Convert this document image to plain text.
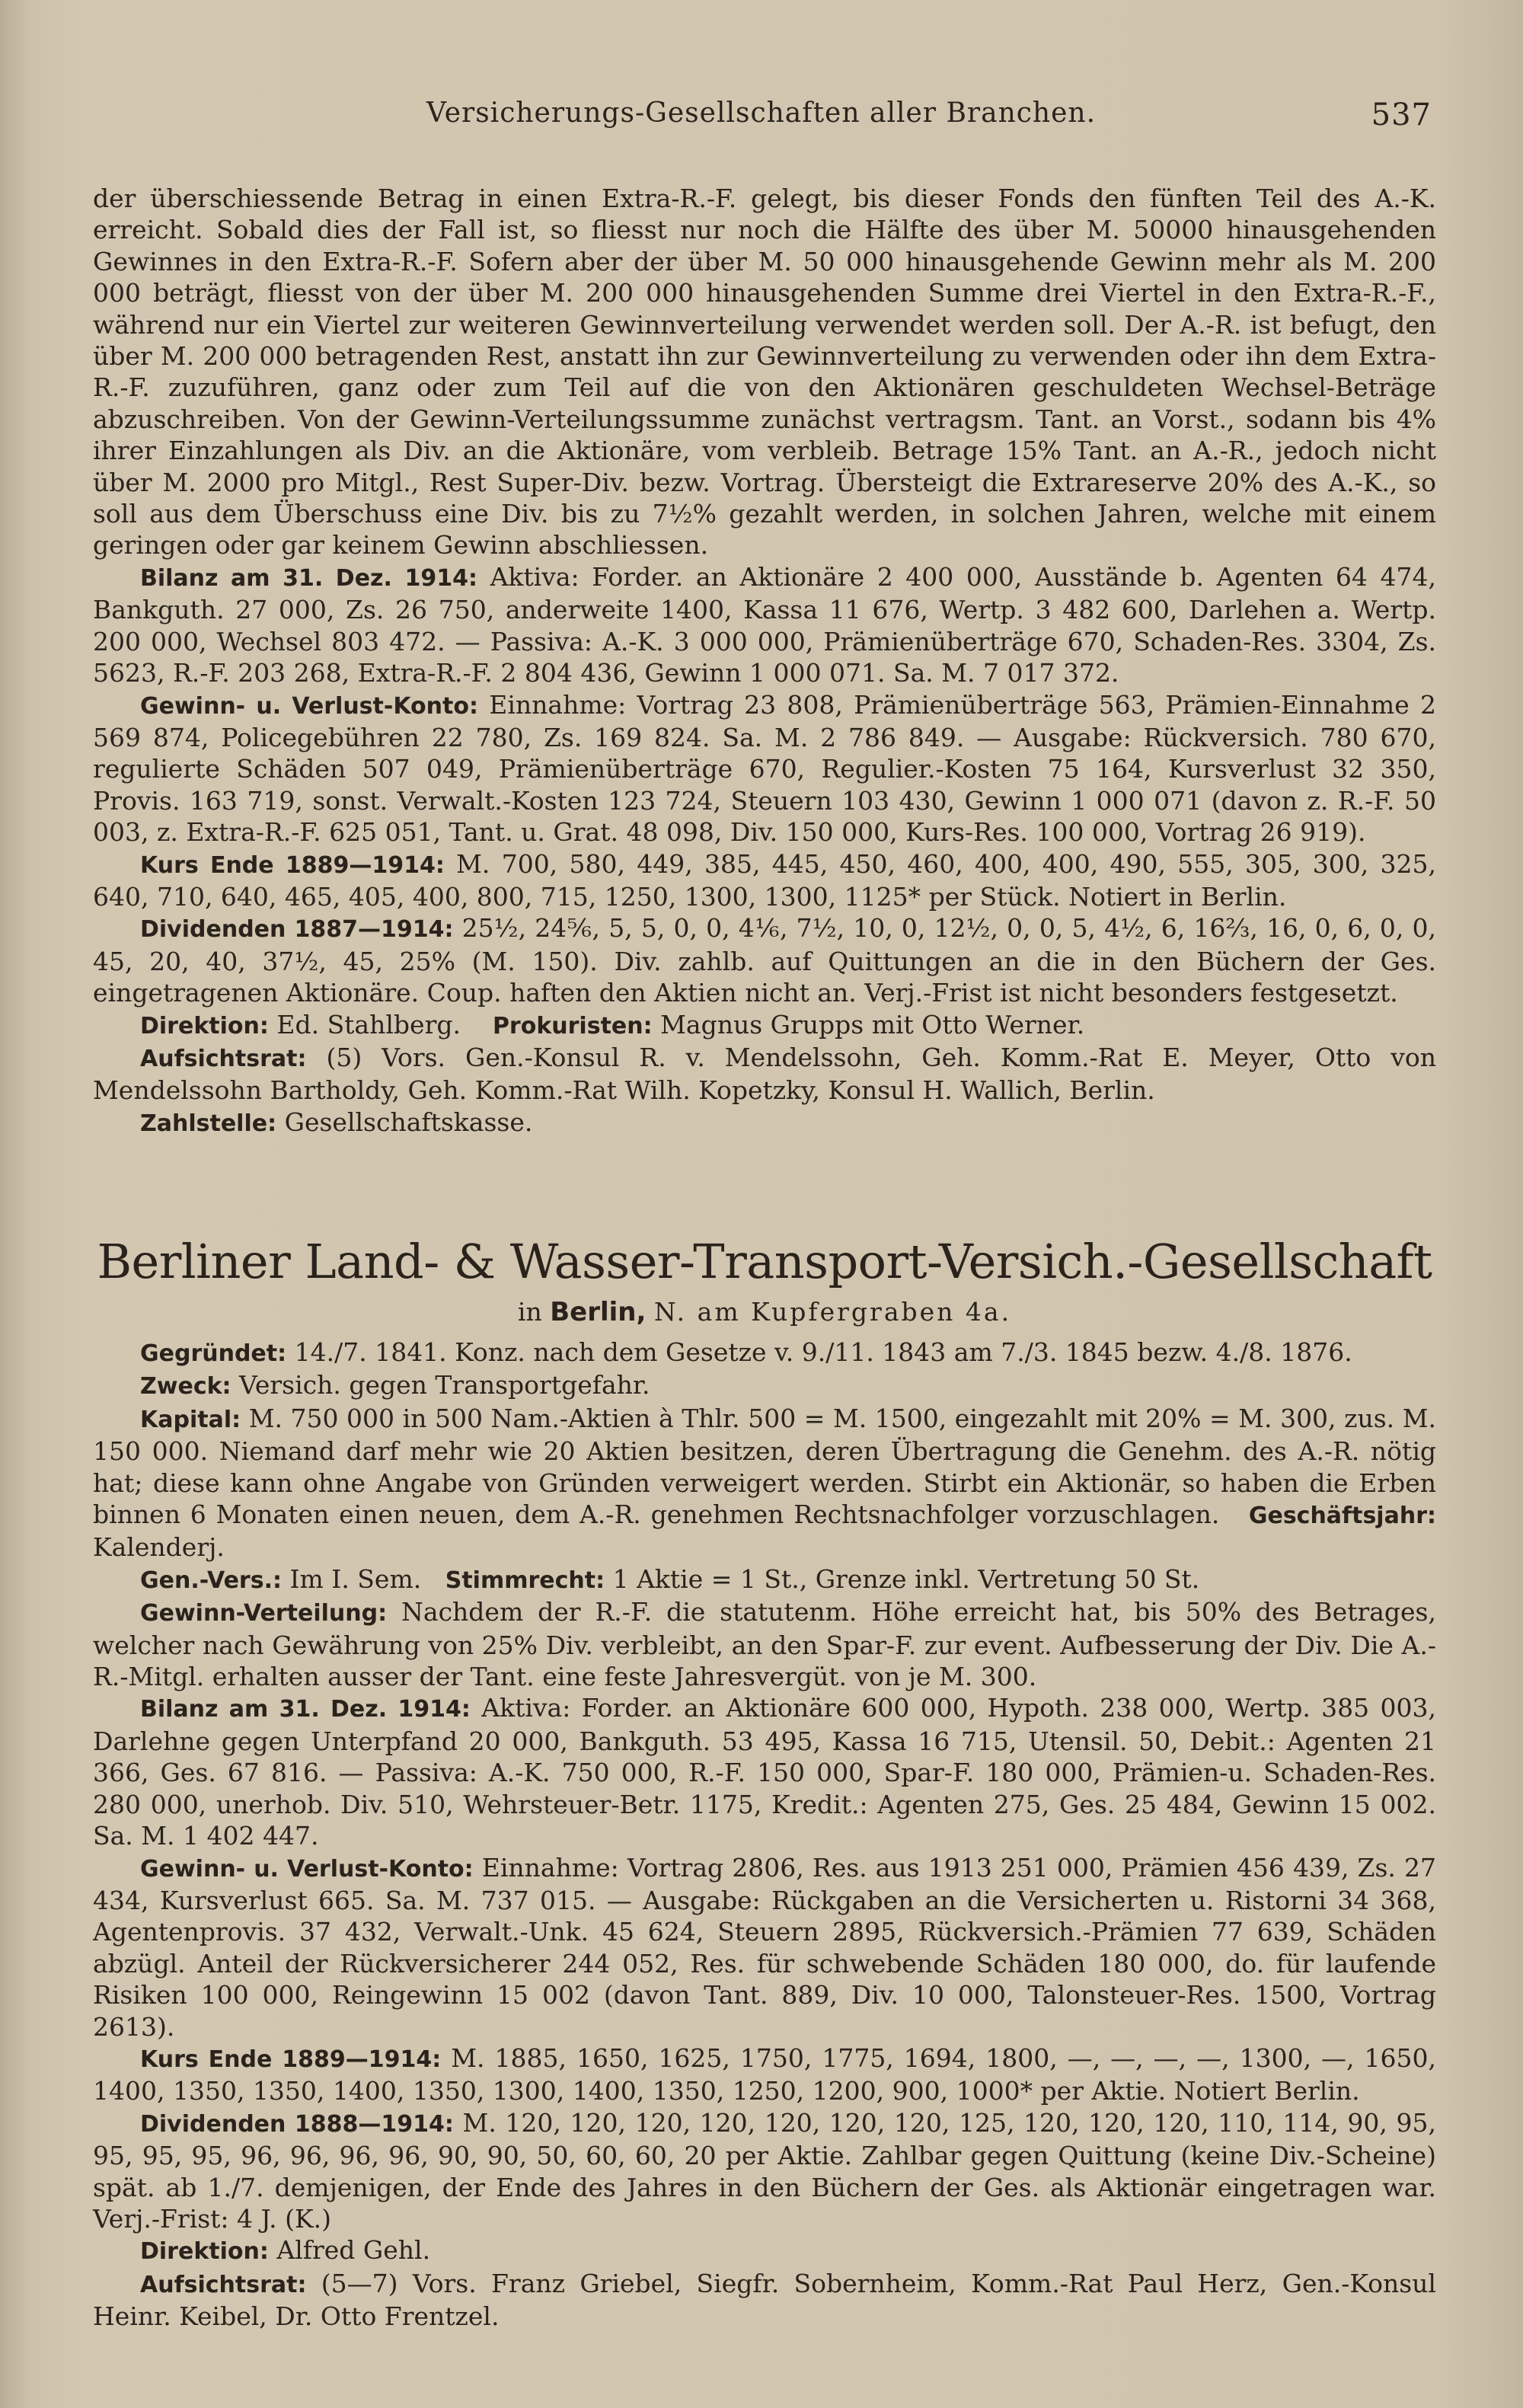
Versicherungs-Gesellschaften aller Branchen.	537

der überschiessende Betrag in einen Extra-R.-F. gelegt, bis dieser Fonds den fünften Teil des A.-K. erreicht. Sobald dies der Fall ist, so fliesst nur noch die Hälfte des über M. 50000 hinausgehenden Gewinnes in den Extra-R.-F. Sofern aber der über M. 50 000 hinausgehende Gewinn mehr als M. 200 000 beträgt, fliesst von der über M. 200 000 hinausgehenden Summe drei Viertel in den Extra-R.-F., während nur ein Viertel zur weiteren Gewinnverteilung verwendet werden soll. Der A.-R. ist befugt, den über M. 200 000 betragenden Rest, anstatt ihn zur Gewinnverteilung zu verwenden oder ihn dem Extra-R.-F. zuzuführen, ganz oder zum Teil auf die von den Aktionären geschuldeten Wechsel-Beträge abzuschreiben. Von der Gewinn-Verteilungssumme zunächst vertragsm. Tant. an Vorst., sodann bis 4% ihrer Einzahlungen als Div. an die Aktionäre, vom verbleib. Betrage 15% Tant. an A.-R., jedoch nicht über M. 2000 pro Mitgl., Rest Super-Div. bezw. Vortrag. Übersteigt die Extrareserve 20% des A.-K., so soll aus dem Überschuss eine Div. bis zu 7½% gezahlt werden, in solchen Jahren, welche mit einem geringen oder gar keinem Gewinn abschliessen.

Bilanz am 31. Dez. 1914: Aktiva: Forder. an Aktionäre 2 400 000, Ausstände b. Agenten 64 474, Bankguth. 27 000, Zs. 26 750, anderweite 1400, Kassa 11 676, Wertp. 3 482 600, Darlehen a. Wertp. 200 000, Wechsel 803 472. — Passiva: A.-K. 3 000 000, Prämienüberträge 670, Schaden-Res. 3304, Zs. 5623, R.-F. 203 268, Extra-R.-F. 2 804 436, Gewinn 1 000 071. Sa. M. 7 017 372.

Gewinn- u. Verlust-Konto: Einnahme: Vortrag 23 808, Prämienüberträge 563, Prämien-Einnahme 2 569 874, Policegebühren 22 780, Zs. 169 824. Sa. M. 2 786 849. — Ausgabe: Rückversich. 780 670, regulierte Schäden 507 049, Prämienüberträge 670, Regulier.-Kosten 75 164, Kursverlust 32 350, Provis. 163 719, sonst. Verwalt.-Kosten 123 724, Steuern 103 430, Gewinn 1 000 071 (davon z. R.-F. 50 003, z. Extra-R.-F. 625 051, Tant. u. Grat. 48 098, Div. 150 000, Kurs-Res. 100 000, Vortrag 26 919).

Kurs Ende 1889—1914: M. 700, 580, 449, 385, 445, 450, 460, 400, 400, 490, 555, 305, 300, 325, 640, 710, 640, 465, 405, 400, 800, 715, 1250, 1300, 1300, 1125* per Stück. Notiert in Berlin.

Dividenden 1887—1914: 25½, 24⅚, 5, 5, 0, 0, 4⅙, 7½, 10, 0, 12½, 0, 0, 5, 4½, 6, 16⅔, 16, 0, 6, 0, 0, 45, 20, 40, 37½, 45, 25% (M. 150). Div. zahlb. auf Quittungen an die in den Büchern der Ges. eingetragenen Aktionäre. Coup. haften den Aktien nicht an. Verj.-Frist ist nicht besonders festgesetzt.

Direktion: Ed. Stahlberg. Prokuristen: Magnus Grupps mit Otto Werner.

Aufsichtsrat: (5) Vors. Gen.-Konsul R. v. Mendelssohn, Geh. Komm.-Rat E. Meyer, Otto von Mendelssohn Bartholdy, Geh. Komm.-Rat Wilh. Kopetzky, Konsul H. Wallich, Berlin.

Zahlstelle: Gesellschaftskasse.

Berliner Land- & Wasser-Transport-Versich.-Gesellschaft
in Berlin, N. am Kupfergraben 4a.

Gegründet: 14./7. 1841. Konz. nach dem Gesetze v. 9./11. 1843 am 7./3. 1845 bezw. 4./8. 1876.

Zweck: Versich. gegen Transportgefahr.

Kapital: M. 750 000 in 500 Nam.-Aktien à Thlr. 500 = M. 1500, eingezahlt mit 20% = M. 300, zus. M. 150 000. Niemand darf mehr wie 20 Aktien besitzen, deren Übertragung die Genehm. des A.-R. nötig hat; diese kann ohne Angabe von Gründen verweigert werden. Stirbt ein Aktionär, so haben die Erben binnen 6 Monaten einen neuen, dem A.-R. genehmen Rechtsnachfolger vorzuschlagen. Geschäftsjahr: Kalenderj.

Gen.-Vers.: Im I. Sem. Stimmrecht: 1 Aktie = 1 St., Grenze inkl. Vertretung 50 St.

Gewinn-Verteilung: Nachdem der R.-F. die statutenm. Höhe erreicht hat, bis 50% des Betrages, welcher nach Gewährung von 25% Div. verbleibt, an den Spar-F. zur event. Aufbesserung der Div. Die A.-R.-Mitgl. erhalten ausser der Tant. eine feste Jahresvergüt. von je M. 300.

Bilanz am 31. Dez. 1914: Aktiva: Forder. an Aktionäre 600 000, Hypoth. 238 000, Wertp. 385 003, Darlehne gegen Unterpfand 20 000, Bankguth. 53 495, Kassa 16 715, Utensil. 50, Debit.: Agenten 21 366, Ges. 67 816. — Passiva: A.-K. 750 000, R.-F. 150 000, Spar-F. 180 000, Prämien-u. Schaden-Res. 280 000, unerhob. Div. 510, Wehrsteuer-Betr. 1175, Kredit.: Agenten 275, Ges. 25 484, Gewinn 15 002. Sa. M. 1 402 447.

Gewinn- u. Verlust-Konto: Einnahme: Vortrag 2806, Res. aus 1913 251 000, Prämien 456 439, Zs. 27 434, Kursverlust 665. Sa. M. 737 015. — Ausgabe: Rückgaben an die Versicherten u. Ristorni 34 368, Agentenprovis. 37 432, Verwalt.-Unk. 45 624, Steuern 2895, Rückversich.-Prämien 77 639, Schäden abzügl. Anteil der Rückversicherer 244 052, Res. für schwebende Schäden 180 000, do. für laufende Risiken 100 000, Reingewinn 15 002 (davon Tant. 889, Div. 10 000, Talonsteuer-Res. 1500, Vortrag 2613).

Kurs Ende 1889—1914: M. 1885, 1650, 1625, 1750, 1775, 1694, 1800, —, —, —, —, 1300, —, 1650, 1400, 1350, 1350, 1400, 1350, 1300, 1400, 1350, 1250, 1200, 900, 1000* per Aktie. Notiert Berlin.

Dividenden 1888—1914: M. 120, 120, 120, 120, 120, 120, 120, 125, 120, 120, 120, 110, 114, 90, 95, 95, 95, 95, 96, 96, 96, 96, 90, 90, 50, 60, 60, 20 per Aktie. Zahlbar gegen Quittung (keine Div.-Scheine) spät. ab 1./7. demjenigen, der Ende des Jahres in den Büchern der Ges. als Aktionär eingetragen war. Verj.-Frist: 4 J. (K.)

Direktion: Alfred Gehl.

Aufsichtsrat: (5—7) Vors. Franz Griebel, Siegfr. Sobernheim, Komm.-Rat Paul Herz, Gen.-Konsul Heinr. Keibel, Dr. Otto Frentzel.
